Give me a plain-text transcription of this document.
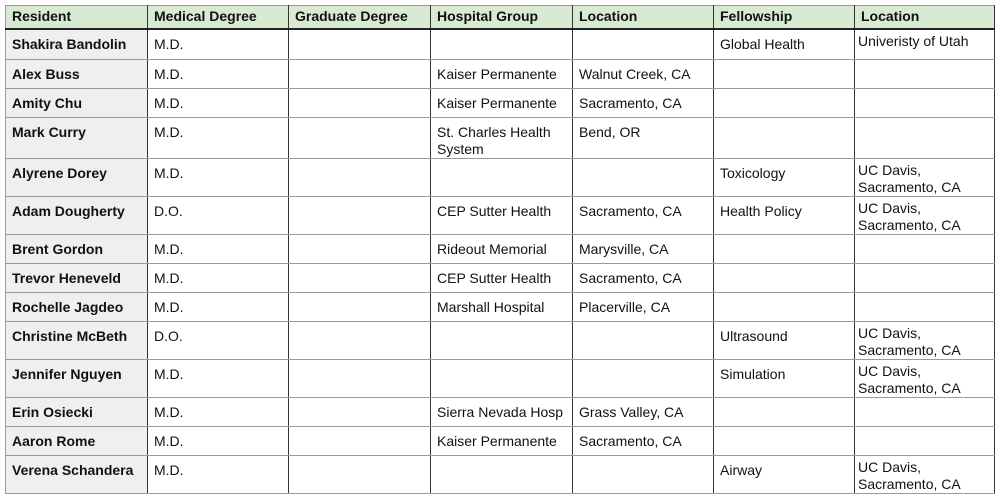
Resident	Medical Degree	Graduate Degree	Hospital Group	Location	Fellowship	Location
Shakira Bandolin	M.D.				Global Health	Univeristy of Utah
Alex Buss	M.D.		Kaiser Permanente	Walnut Creek, CA		
Amity Chu	M.D.		Kaiser Permanente	Sacramento, CA		
Mark Curry	M.D.		St. Charles Health System	Bend, OR		
Alyrene Dorey	M.D.				Toxicology	UC Davis, Sacramento, CA
Adam Dougherty	D.O.		CEP Sutter Health	Sacramento, CA	Health Policy	UC Davis, Sacramento, CA
Brent Gordon	M.D.		Rideout Memorial	Marysville, CA		
Trevor Heneveld	M.D.		CEP Sutter Health	Sacramento, CA		
Rochelle Jagdeo	M.D.		Marshall Hospital	Placerville, CA		
Christine McBeth	D.O.				Ultrasound	UC Davis, Sacramento, CA
Jennifer Nguyen	M.D.				Simulation	UC Davis, Sacramento, CA
Erin Osiecki	M.D.		Sierra Nevada Hosp	Grass Valley, CA		
Aaron Rome	M.D.		Kaiser Permanente	Sacramento, CA		
Verena Schandera	M.D.				Airway	UC Davis, Sacramento, CA
